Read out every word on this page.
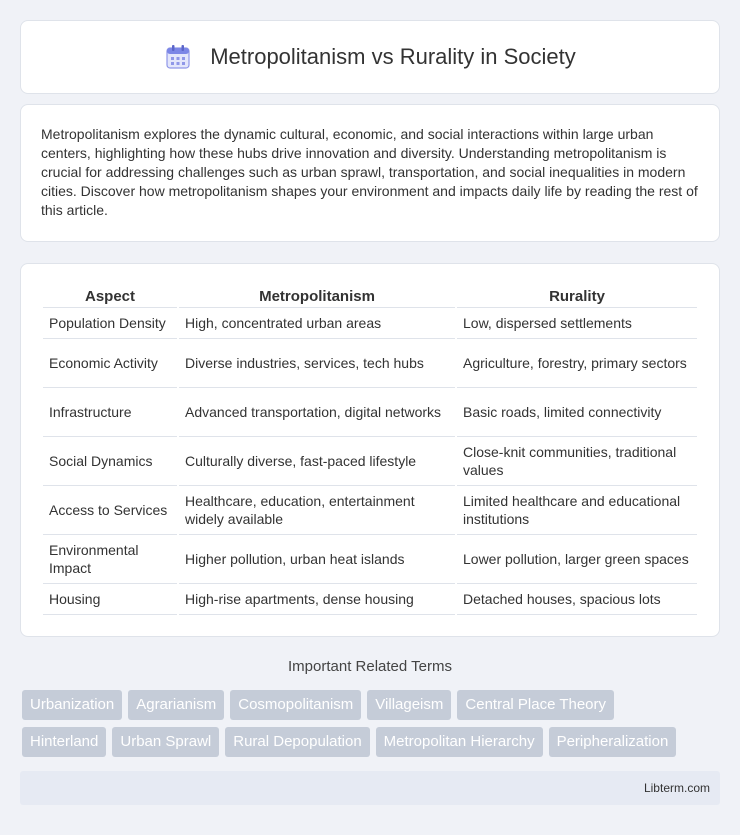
Metropolitanism vs Rurality in Society

Metropolitanism explores the dynamic cultural, economic, and social interactions within large urban centers, highlighting how these hubs drive innovation and diversity. Understanding metropolitanism is crucial for addressing challenges such as urban sprawl, transportation, and social inequalities in modern cities. Discover how metropolitanism shapes your environment and impacts daily life by reading the rest of this article.

Aspect	Metropolitanism	Rurality
Population Density	High, concentrated urban areas	Low, dispersed settlements
Economic Activity	Diverse industries, services, tech hubs	Agriculture, forestry, primary sectors
Infrastructure	Advanced transportation, digital networks	Basic roads, limited connectivity
Social Dynamics	Culturally diverse, fast-paced lifestyle	Close-knit communities, traditional values
Access to Services	Healthcare, education, entertainment widely available	Limited healthcare and educational institutions
Environmental Impact	Higher pollution, urban heat islands	Lower pollution, larger green spaces
Housing	High-rise apartments, dense housing	Detached houses, spacious lots
Important Related Terms
Urbanization	Agrarianism	Cosmopolitanism	Villageism	Central Place Theory
Hinterland	Urban Sprawl	Rural Depopulation	Metropolitan Hierarchy	Peripheralization
Libterm.com
